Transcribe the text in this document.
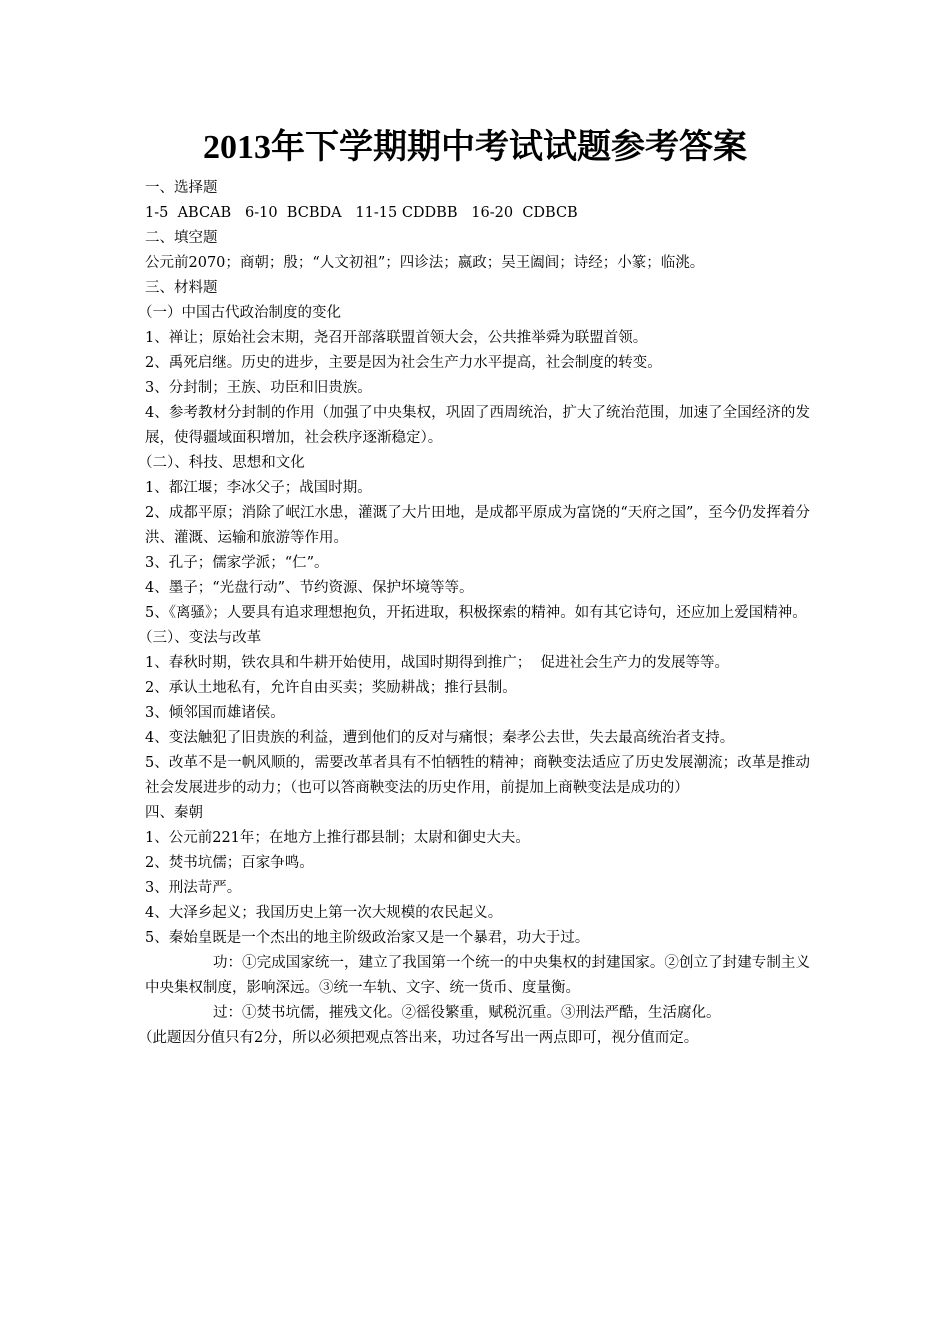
2013年下学期期中考试试题参考答案
一、选择题
1-5  ABCAB   6-10  BCBDA   11-15 CDDBB   16-20  CDBCB
二、填空题
公元前2070；商朝；殷；“人文初祖”；四诊法；嬴政；吴王阖闾；诗经；小篆；临洮。
三、材料题
（一）中国古代政治制度的变化
1、禅让；原始社会末期，尧召开部落联盟首领大会，公共推举舜为联盟首领。
2、禹死启继。历史的进步，主要是因为社会生产力水平提高，社会制度的转变。
3、分封制；王族、功臣和旧贵族。
4、参考教材分封制的作用（加强了中央集权，巩固了西周统治，扩大了统治范围，加速了全国经济的发展，使得疆域面积增加，社会秩序逐渐稳定）。
（二）、科技、思想和文化
1、都江堰；李冰父子；战国时期。
2、成都平原；消除了岷江水患，灌溉了大片田地，是成都平原成为富饶的“天府之国”，至今仍发挥着分洪、灌溉、运输和旅游等作用。
3、孔子；儒家学派；“仁”。
4、墨子；“光盘行动”、节约资源、保护坏境等等。
5、《离骚》；人要具有追求理想抱负，开拓进取，积极探索的精神。如有其它诗句，还应加上爱国精神。
（三）、变法与改革
1、春秋时期，铁农具和牛耕开始使用，战国时期得到推广；  促进社会生产力的发展等等。
2、承认土地私有，允许自由买卖；奖励耕战；推行县制。
3、倾邻国而雄诸侯。
4、变法触犯了旧贵族的利益，遭到他们的反对与痛恨；秦孝公去世，失去最高统治者支持。
5、改革不是一帆风顺的，需要改革者具有不怕牺牲的精神；商鞅变法适应了历史发展潮流；改革是推动社会发展进步的动力；（也可以答商鞅变法的历史作用，前提加上商鞅变法是成功的）
四、秦朝
1、公元前221年；在地方上推行郡县制；太尉和御史大夫。
2、焚书坑儒；百家争鸣。
3、刑法苛严。
4、大泽乡起义；我国历史上第一次大规模的农民起义。
5、秦始皇既是一个杰出的地主阶级政治家又是一个暴君，功大于过。
功：①完成国家统一，建立了我国第一个统一的中央集权的封建国家。②创立了封建专制主义中央集权制度，影响深远。③统一车轨、文字、统一货币、度量衡。
过：①焚书坑儒，摧残文化。②徭役繁重，赋税沉重。③刑法严酷，生活腐化。
（此题因分值只有2分，所以必须把观点答出来，功过各写出一两点即可，视分值而定。
